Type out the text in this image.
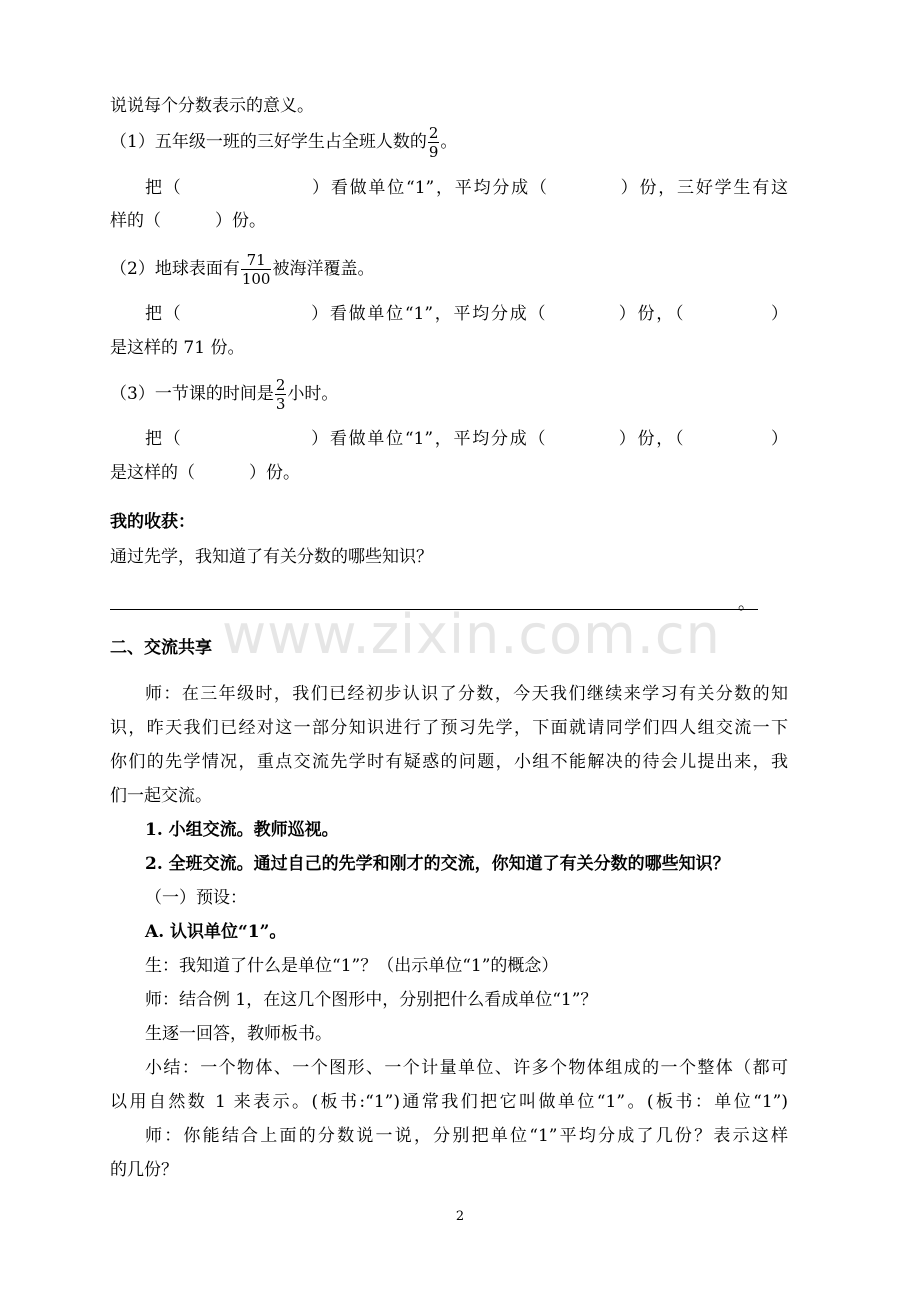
说说每个分数表示的意义。
（1）五年级一班的三好学生占全班人数的 $\frac{2}{9}$ 。
把（                  ）看做单位“1”，平均分成（          ）份，三好学生有这
样的（          ）份。
（2）地球表面有 $\frac{71}{100}$ 被海洋覆盖。
把（                  ）看做单位“1”，平均分成（          ）份，（            ）
是这样的 71 份。
（3）一节课的时间是 $\frac{2}{3}$ 小时。
把（                  ）看做单位“1”，平均分成（          ）份，（            ）
是这样的（          ）份。
我的收获：
通过先学，我知道了有关分数的哪些知识？
。
www.zixin.com.cn
二、交流共享
师：在三年级时，我们已经初步认识了分数，今天我们继续来学习有关分数的知
识，昨天我们已经对这一部分知识进行了预习先学，下面就请同学们四人组交流一下
你们的先学情况，重点交流先学时有疑惑的问题，小组不能解决的待会儿提出来，我
们一起交流。
1. 小组交流。教师巡视。
2. 全班交流。通过自己的先学和刚才的交流，你知道了有关分数的哪些知识？
（一）预设：
A. 认识单位“1”。
生：我知道了什么是单位“1”？（出示单位“1”的概念）
师：结合例 1，在这几个图形中，分别把什么看成单位“1”？
生逐一回答，教师板书。
小结：一个物体、一个图形、一个计量单位、许多个物体组成的一个整体（都可
以用自然数 1 来表示。(板书:“1”)通常我们把它叫做单位“1”。(板书：单位“1”)
师：你能结合上面的分数说一说，分别把单位“1”平均分成了几份？表示这样
的几份？
2
